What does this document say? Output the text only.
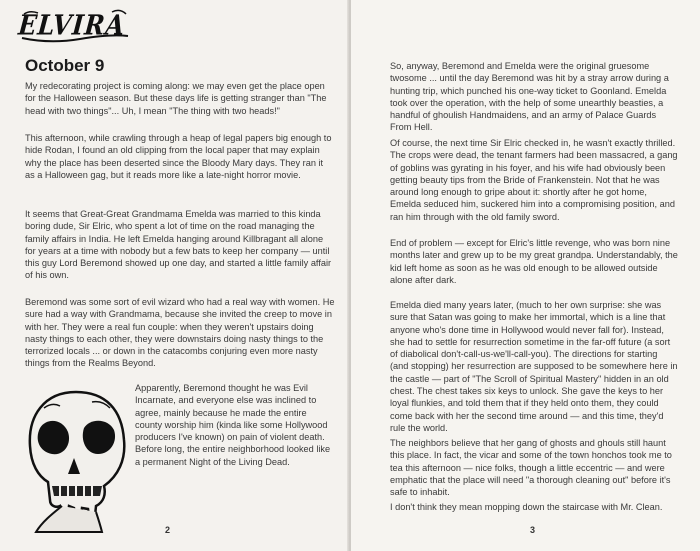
ELVIRA
October 9

My redecorating project is coming along: we may even get the place open for the Halloween season. But these days life is getting stranger than "The head with two things"... Uh, I mean "The thing with two heads!"

This afternoon, while crawling through a heap of legal papers big enough to hide Rodan, I found an old clipping from the local paper that may explain why the place has been deserted since the Bloody Mary days. They ran it as a Halloween gag, but it reads more like a late-night horror movie.

It seems that Great-Great Grandmama Emelda was married to this kinda boring dude, Sir Elric, who spent a lot of time on the road managing the family affairs in India. He left Emelda hanging around Killbragant all alone for years at a time with nobody but a few bats to keep her company — until this guy Lord Beremond showed up one day, and started a little family affair of his own.

Beremond was some sort of evil wizard who had a real way with women. He sure had a way with Grandmama, because she invited the creep to move in with her. They were a real fun couple: when they weren't upstairs doing nasty things to each other, they were downstairs doing nasty things to the terrorized locals ... or down in the catacombs conjuring even more nasty things from the Realms Beyond.

Apparently, Beremond thought he was Evil Incarnate, and everyone else was inclined to agree, mainly because he made the entire county worship him (kinda like some Hollywood producers I've known) on pain of violent death. Before long, the entire neighborhood looked like a permanent Night of the Living Dead.

2

So, anyway, Beremond and Emelda were the original gruesome twosome ... until the day Beremond was hit by a stray arrow during a hunting trip, which punched his one-way ticket to Goonland. Emelda took over the operation, with the help of some unearthly beasties, a handful of ghoulish Handmaidens, and an army of Palace Guards From Hell.

Of course, the next time Sir Elric checked in, he wasn't exactly thrilled. The crops were dead, the tenant farmers had been massacred, a gang of goblins was gyrating in his foyer, and his wife had obviously been getting beauty tips from the Bride of Frankenstein. Not that he was around long enough to gripe about it: shortly after he got home, Emelda seduced him, suckered him into a compromising position, and ran him through with the old family sword.

End of problem — except for Elric's little revenge, who was born nine months later and grew up to be my great grandpa. Understandably, the kid left home as soon as he was old enough to be allowed outside alone after dark.

Emelda died many years later, (much to her own surprise: she was sure that Satan was going to make her immortal, which is a line that anyone who's done time in Hollywood would never fall for). Instead, she had to settle for resurrection sometime in the far-off future (a sort of diabolical don't-call-us-we'll-call-you). The directions for starting (and stopping) her resurrection are supposed to be somewhere here in the castle — part of "The Scroll of Spiritual Mastery" hidden in an old chest. The chest takes six keys to unlock. She gave the keys to her loyal flunkies, and told them that if they held onto them, they could come back with her the second time around — and this time, they'd rule the world.

The neighbors believe that her gang of ghosts and ghouls still haunt this place. In fact, the vicar and some of the town honchos took me to tea this afternoon — nice folks, though a little eccentric — and were emphatic that the place will need "a thorough cleaning out" before it's safe to inhabit.

I don't think they mean mopping down the staircase with Mr. Clean.

3
